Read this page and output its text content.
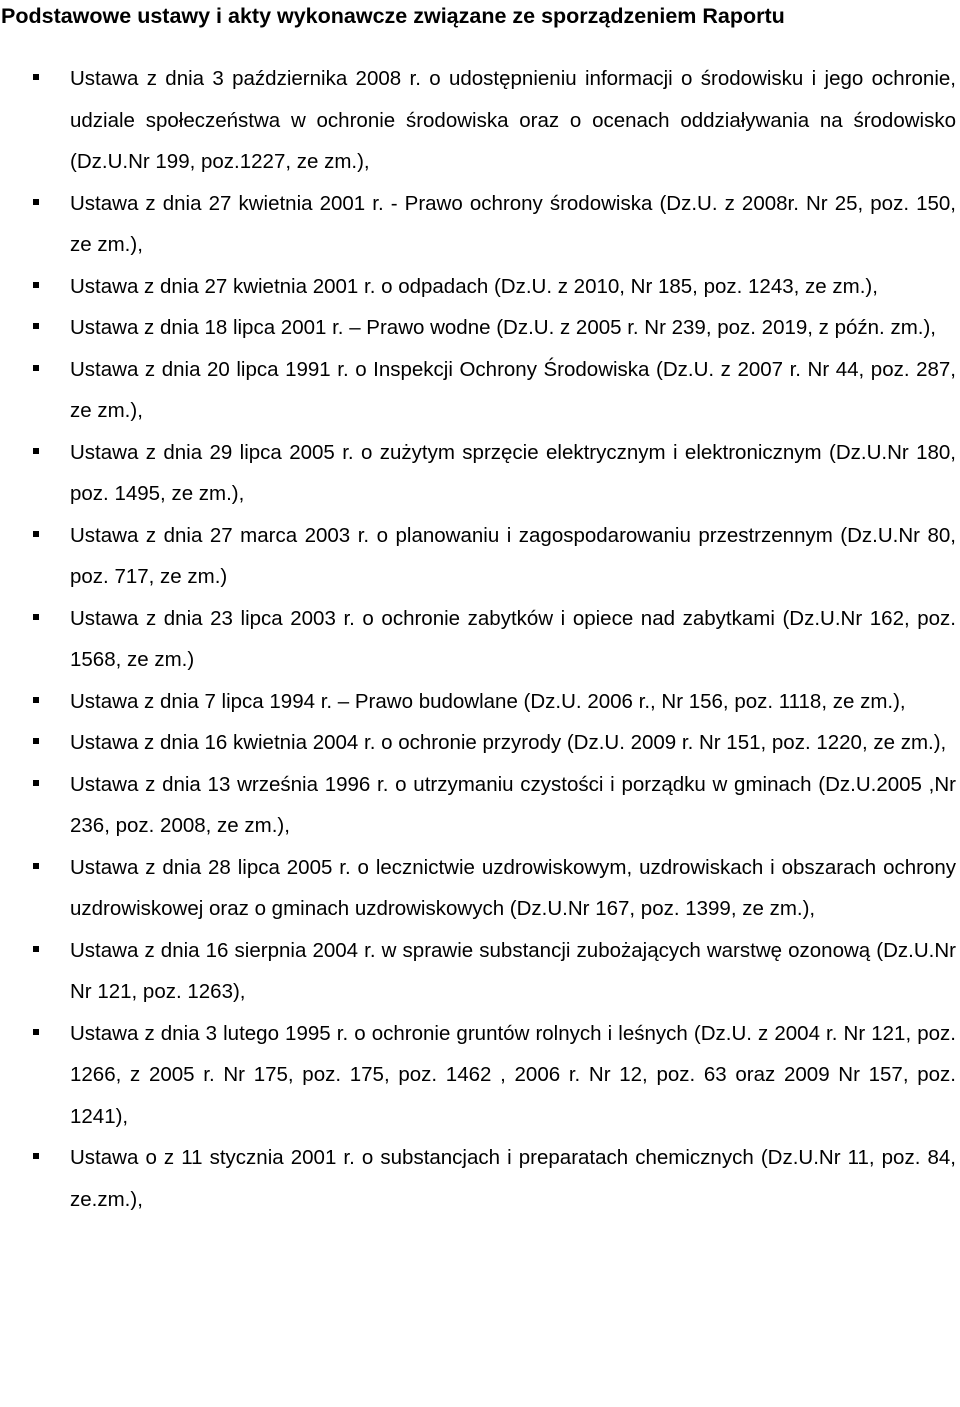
Podstawowe ustawy i akty wykonawcze związane ze sporządzeniem Raportu
Ustawa z dnia 3 października 2008 r. o udostępnieniu informacji o środowisku i jego ochronie, udziale społeczeństwa w ochronie środowiska oraz o ocenach oddziaływania na środowisko (Dz.U.Nr 199, poz.1227, ze zm.),
Ustawa z dnia 27 kwietnia 2001 r. - Prawo ochrony środowiska (Dz.U. z 2008r. Nr 25, poz. 150, ze zm.),
Ustawa z dnia 27 kwietnia 2001 r. o odpadach (Dz.U. z 2010, Nr 185, poz. 1243, ze zm.),
Ustawa z dnia 18 lipca 2001 r. – Prawo wodne (Dz.U. z 2005 r. Nr 239, poz. 2019, z późn. zm.),
Ustawa z dnia 20 lipca 1991 r. o Inspekcji Ochrony Środowiska (Dz.U. z 2007 r. Nr 44, poz. 287, ze zm.),
Ustawa z dnia 29 lipca 2005 r. o zużytym sprzęcie elektrycznym i elektronicznym (Dz.U.Nr 180, poz. 1495, ze zm.),
Ustawa z dnia 27 marca 2003 r. o planowaniu i zagospodarowaniu przestrzennym (Dz.U.Nr 80, poz. 717, ze zm.)
Ustawa z dnia 23 lipca 2003 r. o ochronie zabytków i opiece nad zabytkami (Dz.U.Nr 162, poz. 1568, ze zm.)
Ustawa z dnia 7 lipca 1994 r. – Prawo budowlane (Dz.U. 2006 r., Nr 156, poz. 1118, ze zm.),
Ustawa z dnia 16 kwietnia 2004 r. o ochronie przyrody (Dz.U. 2009 r. Nr 151, poz. 1220, ze zm.),
Ustawa z dnia 13 września 1996 r. o utrzymaniu czystości i porządku w gminach (Dz.U.2005 ,Nr 236, poz. 2008, ze zm.),
Ustawa z dnia 28 lipca 2005 r. o lecznictwie uzdrowiskowym, uzdrowiskach i obszarach ochrony uzdrowiskowej oraz o gminach uzdrowiskowych (Dz.U.Nr 167, poz. 1399, ze zm.),
Ustawa z dnia 16 sierpnia 2004 r. w sprawie substancji zubożających warstwę ozonową (Dz.U.Nr Nr 121, poz. 1263),
Ustawa z dnia 3 lutego 1995 r. o ochronie gruntów rolnych i leśnych (Dz.U. z 2004 r. Nr 121, poz. 1266, z 2005 r. Nr 175, poz. 175, poz. 1462 , 2006 r. Nr 12, poz. 63 oraz 2009 Nr 157, poz. 1241),
Ustawa o z 11 stycznia 2001 r. o substancjach i preparatach chemicznych (Dz.U.Nr 11, poz. 84, ze.zm.),
